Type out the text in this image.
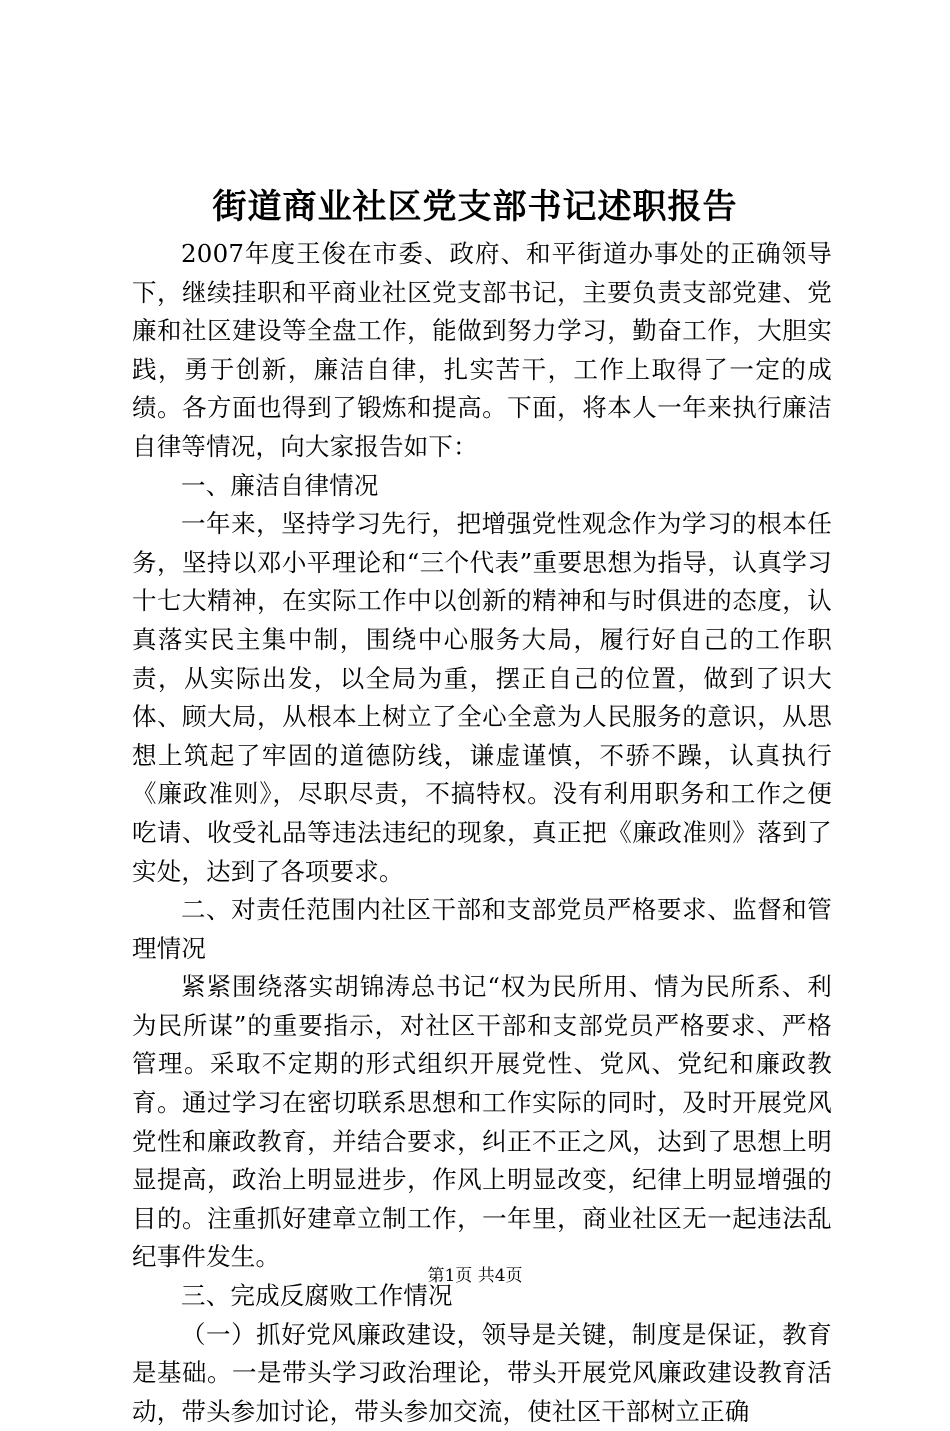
街道商业社区党支部书记述职报告

2007年度王俊在市委、政府、和平街道办事处的正确领导下，继续挂职和平商业社区党支部书记，主要负责支部党建、党廉和社区建设等全盘工作，能做到努力学习，勤奋工作，大胆实践，勇于创新，廉洁自律，扎实苦干，工作上取得了一定的成绩。各方面也得到了锻炼和提高。下面，将本人一年来执行廉洁自律等情况，向大家报告如下：

一、廉洁自律情况

一年来，坚持学习先行，把增强党性观念作为学习的根本任务，坚持以邓小平理论和“三个代表”重要思想为指导，认真学习十七大精神，在实际工作中以创新的精神和与时俱进的态度，认真落实民主集中制，围绕中心服务大局，履行好自己的工作职责，从实际出发，以全局为重，摆正自己的位置，做到了识大体、顾大局，从根本上树立了全心全意为人民服务的意识，从思想上筑起了牢固的道德防线，谦虚谨慎，不骄不躁，认真执行《廉政准则》，尽职尽责，不搞特权。没有利用职务和工作之便吃请、收受礼品等违法违纪的现象，真正把《廉政准则》落到了实处，达到了各项要求。

二、对责任范围内社区干部和支部党员严格要求、监督和管理情况

紧紧围绕落实胡锦涛总书记“权为民所用、情为民所系、利为民所谋”的重要指示，对社区干部和支部党员严格要求、严格管理。采取不定期的形式组织开展党性、党风、党纪和廉政教育。通过学习在密切联系思想和工作实际的同时，及时开展党风党性和廉政教育，并结合要求，纠正不正之风，达到了思想上明显提高，政治上明显进步，作风上明显改变，纪律上明显增强的目的。注重抓好建章立制工作，一年里，商业社区无一起违法乱纪事件发生。

三、完成反腐败工作情况

（一）抓好党风廉政建设，领导是关键，制度是保证，教育是基础。一是带头学习政治理论，带头开展党风廉政建设教育活动，带头参加讨论，带头参加交流，使社区干部树立正确

第1页 共4页
